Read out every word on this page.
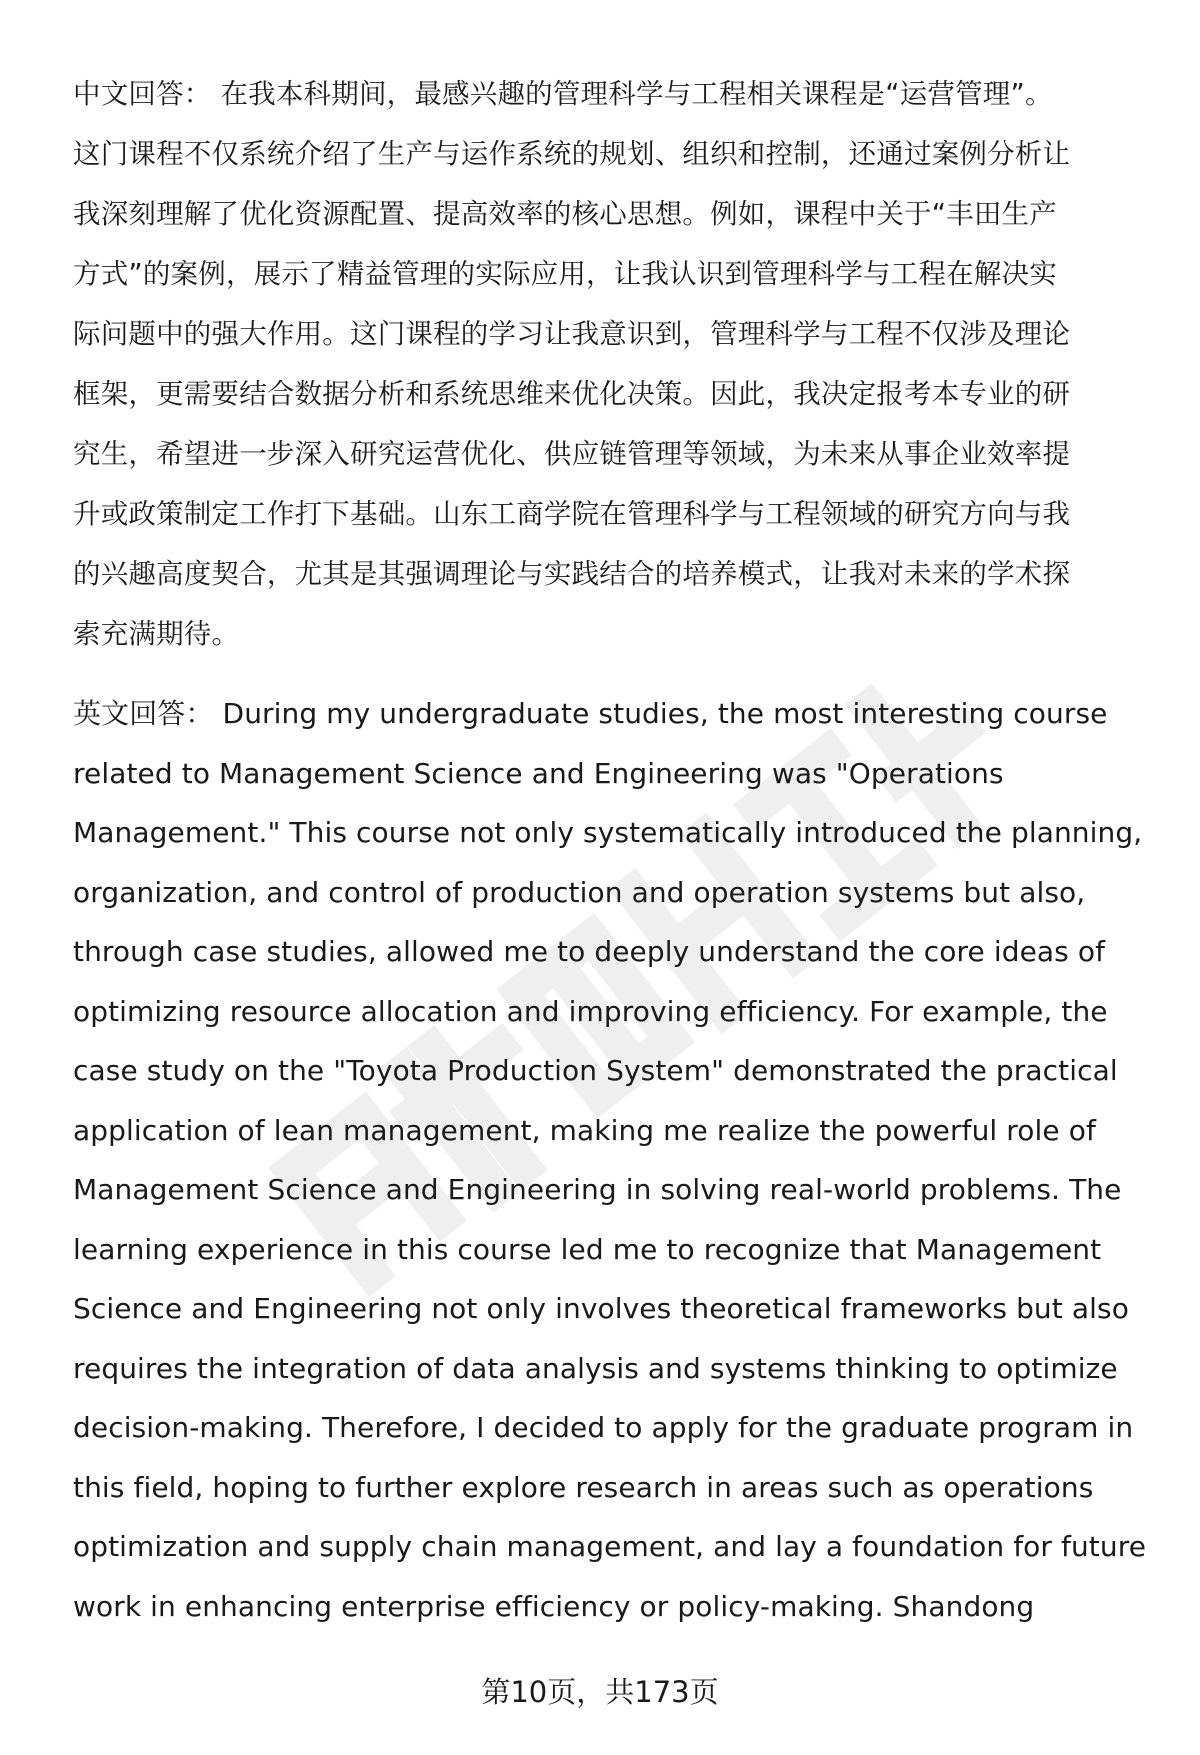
中文回答： 在我本科期间，最感兴趣的管理科学与工程相关课程是“运营管理”。
这门课程不仅系统介绍了生产与运作系统的规划、组织和控制，还通过案例分析让
我深刻理解了优化资源配置、提高效率的核心思想。例如，课程中关于“丰田生产
方式”的案例，展示了精益管理的实际应用，让我认识到管理科学与工程在解决实
际问题中的强大作用。这门课程的学习让我意识到，管理科学与工程不仅涉及理论
框架，更需要结合数据分析和系统思维来优化决策。因此，我决定报考本专业的研
究生，希望进一步深入研究运营优化、供应链管理等领域，为未来从事企业效率提
升或政策制定工作打下基础。山东工商学院在管理科学与工程领域的研究方向与我
的兴趣高度契合，尤其是其强调理论与实践结合的培养模式，让我对未来的学术探
索充满期待。

英文回答： During my undergraduate studies, the most interesting course
related to Management Science and Engineering was "Operations
Management." This course not only systematically introduced the planning,
organization, and control of production and operation systems but also,
through case studies, allowed me to deeply understand the core ideas of
optimizing resource allocation and improving efficiency. For example, the
case study on the "Toyota Production System" demonstrated the practical
application of lean management, making me realize the powerful role of
Management Science and Engineering in solving real-world problems. The
learning experience in this course led me to recognize that Management
Science and Engineering not only involves theoretical frameworks but also
requires the integration of data analysis and systems thinking to optimize
decision-making. Therefore, I decided to apply for the graduate program in
this field, hoping to further explore research in areas such as operations
optimization and supply chain management, and lay a foundation for future
work in enhancing enterprise efficiency or policy-making. Shandong

第10页，共173页
